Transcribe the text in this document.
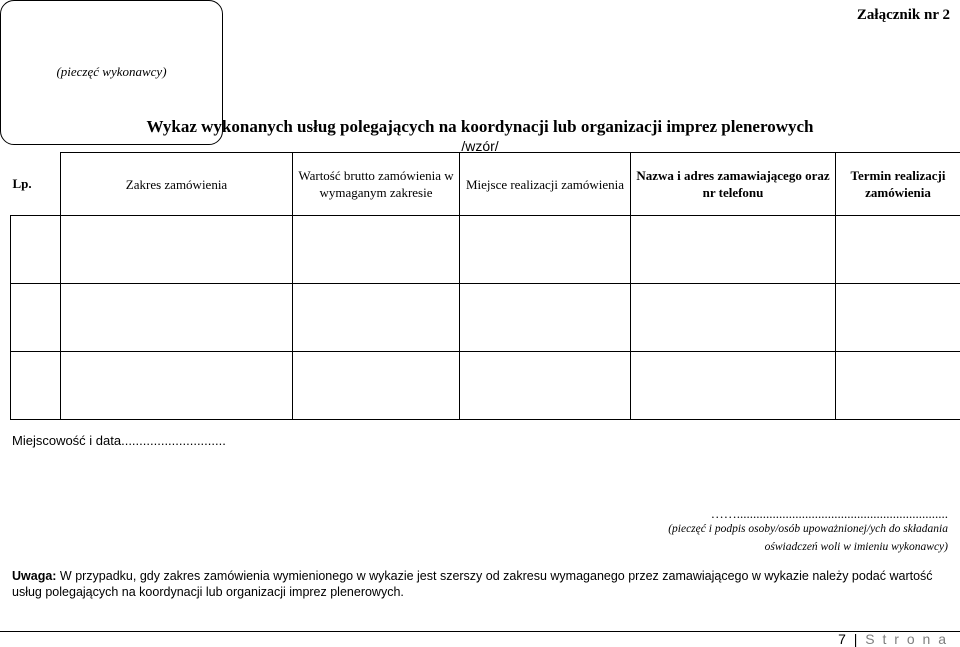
(pieczęć wykonawcy)
Załącznik nr 2
Wykaz wykonanych usług polegających na koordynacji lub organizacji imprez plenerowych
/wzór/
Lp.	Zakres zamówienia	Wartość brutto zamówienia w wymaganym zakresie	Miejsce realizacji zamówienia	Nazwa i adres zamawiającego oraz nr telefonu	Termin realizacji zamówienia

Miejscowość i data.............................
…….................................................................
(pieczęć i podpis osoby/osób upoważnionej/ych do składania
oświadczeń woli w imieniu wykonawcy)
Uwaga: W przypadku, gdy zakres zamówienia wymienionego w wykazie jest szerszy od zakresu wymaganego przez zamawiającego w wykazie należy podać wartość usług polegających na koordynacji lub organizacji imprez plenerowych.
7 | S t r o n a
